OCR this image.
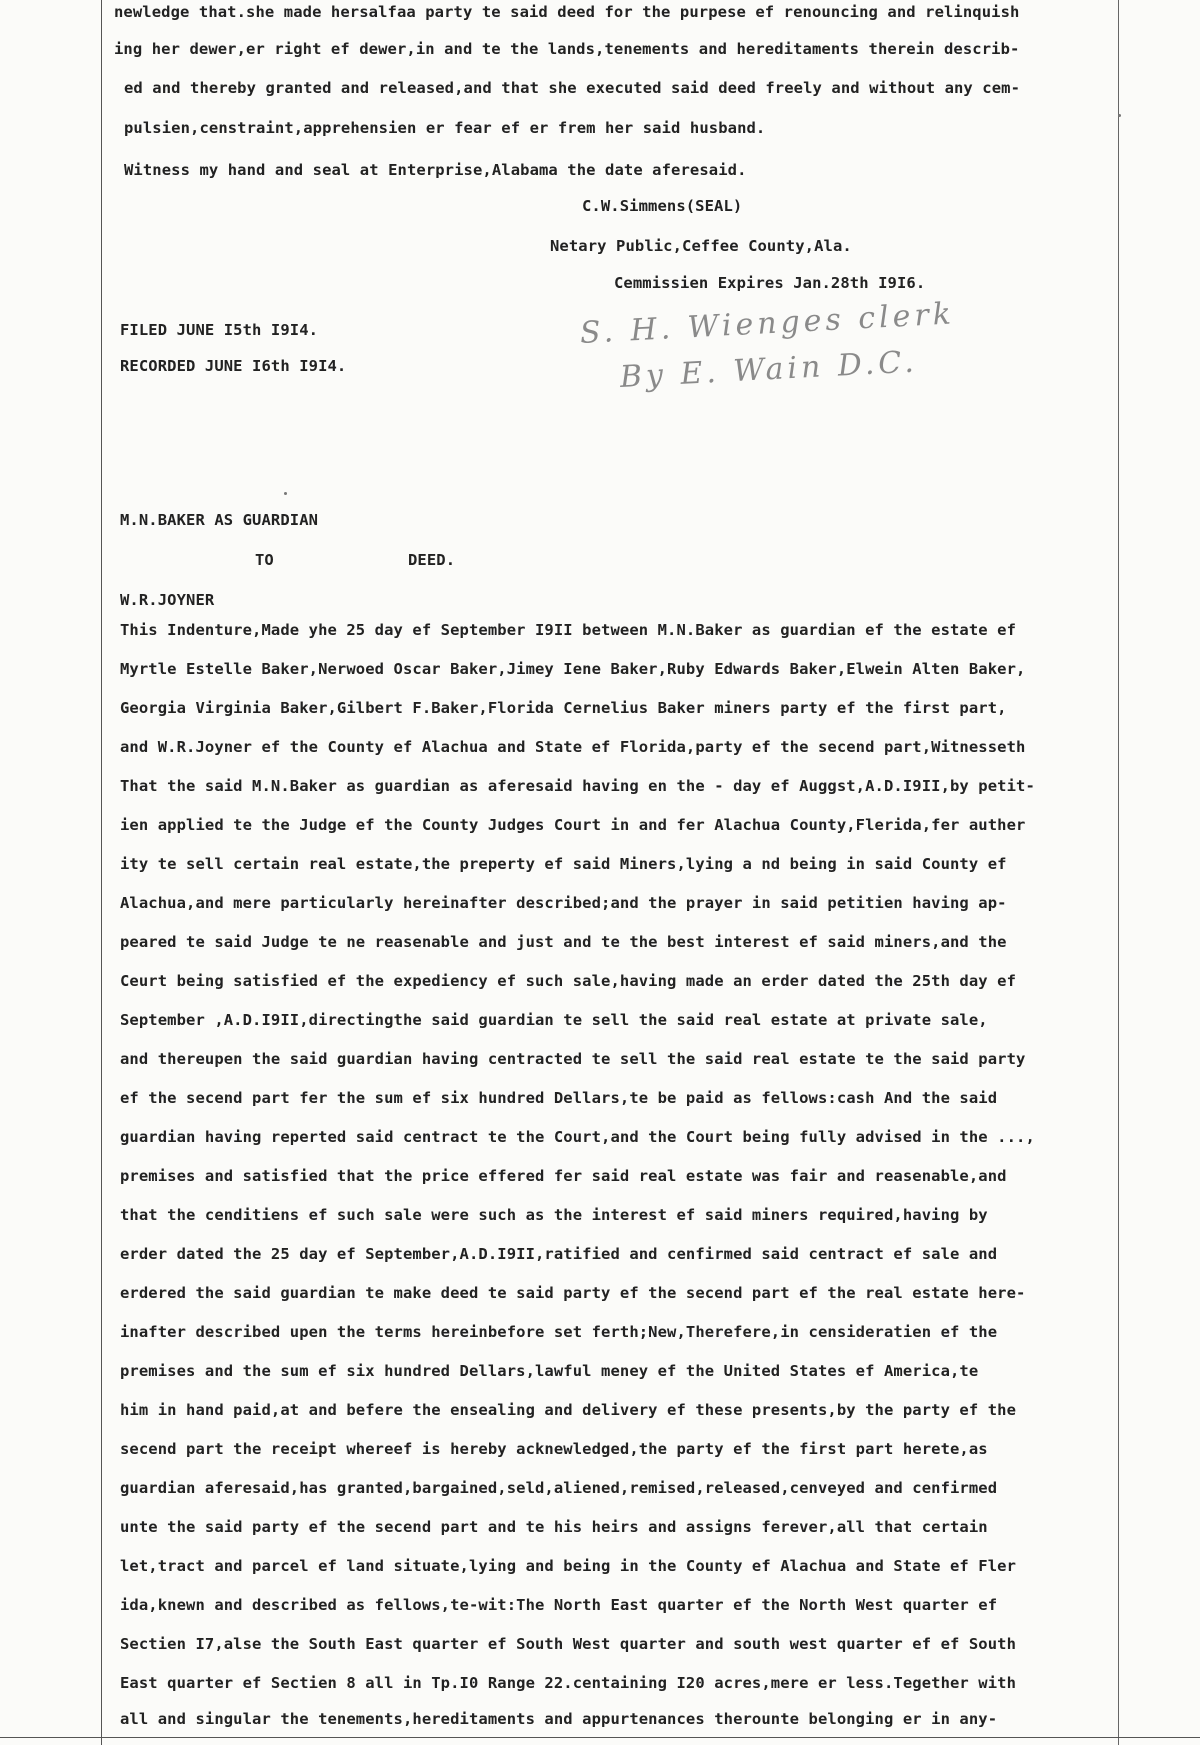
newledge that.she made hersalfaa party te said deed for the purpese ef renouncing and relinquish
ing her dewer,er right ef dewer,in and te the lands,tenements and hereditaments therein describ-
ed and thereby granted and released,and that she executed said deed freely and without any cem-
pulsien,censtraint,apprehensien er fear ef er frem her said husband.
Witness my hand and seal at Enterprise,Alabama the date aferesaid.
C.W.Simmens(SEAL)
Netary Public,Ceffee County,Ala.
Cemmissien Expires Jan.28th I9I6.
FILED JUNE I5th I9I4.
RECORDED JUNE I6th I9I4.
S. H. Wienges clerk
By E. Wain D.C.
M.N.BAKER AS GUARDIAN
TO	DEED.
W.R.JOYNER
This Indenture,Made yhe 25 day ef September I9II between M.N.Baker as guardian ef the estate ef
Myrtle Estelle Baker,Nerwoed Oscar Baker,Jimey Iene Baker,Ruby Edwards Baker,Elwein Alten Baker,
Georgia Virginia Baker,Gilbert F.Baker,Florida Cernelius Baker miners party ef the first part,
and W.R.Joyner ef the County ef Alachua and State ef Florida,party ef the secend part,Witnesseth
That the said M.N.Baker as guardian as aferesaid having en the - day ef Auggst,A.D.I9II,by petit-
ien applied te the Judge ef the County Judges Court in and fer Alachua County,Flerida,fer auther
ity te sell certain real estate,the preperty ef said Miners,lying a nd being in said County ef
Alachua,and mere particularly hereinafter described;and the prayer in said petitien having ap-
peared te said Judge te ne reasenable and just and te the best interest ef said miners,and the
Ceurt being satisfied ef the expediency ef such sale,having made an erder dated the 25th day ef
September ,A.D.I9II,directingthe said guardian te sell the said real estate at private sale,
and thereupen the said guardian having centracted te sell the said real estate te the said party
ef the secend part fer the sum ef six hundred Dellars,te be paid as fellows:cash And the said
guardian having reperted said centract te the Court,and the Court being fully advised in the ...,
premises and satisfied that the price effered fer said real estate was fair and reasenable,and
that the cenditiens ef such sale were such as the interest ef said miners required,having by
erder dated the 25 day ef September,A.D.I9II,ratified and cenfirmed said centract ef sale and
erdered the said guardian te make deed te said party ef the secend part ef the real estate here-
inafter described upen the terms hereinbefore set ferth;New,Therefere,in censideratien ef the
premises and the sum ef six hundred Dellars,lawful meney ef the United States ef America,te
him in hand paid,at and befere the ensealing and delivery ef these presents,by the party ef the
secend part the receipt whereef is hereby acknewledged,the party ef the first part herete,as
guardian aferesaid,has granted,bargained,seld,aliened,remised,released,cenveyed and cenfirmed
unte the said party ef the secend part and te his heirs and assigns ferever,all that certain
let,tract and parcel ef land situate,lying and being in the County ef Alachua and State ef Fler
ida,knewn and described as fellows,te-wit:The North East quarter ef the North West quarter ef
Sectien I7,alse the South East quarter ef South West quarter and south west quarter ef ef South
East quarter ef Sectien 8 all in Tp.I0 Range 22.centaining I20 acres,mere er less.Tegether with
all and singular the tenements,hereditaments and appurtenances therounte belonging er in any-
